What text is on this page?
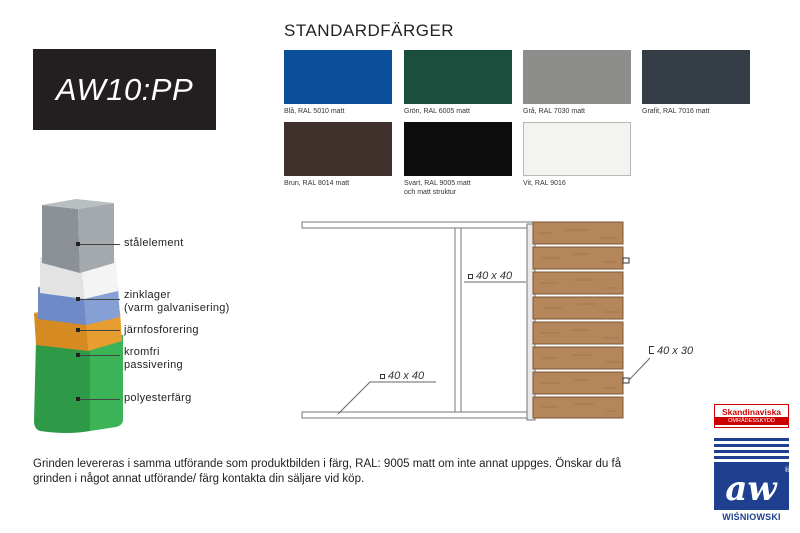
AW10:PP
STANDARDFÄRGER
Blå, RAL 5010 matt	Grön, RAL 6005 matt	Grå, RAL 7030 matt	Grafit, RAL 7016 matt
Brun, RAL 8014 matt	Svart, RAL 9005 matt
och matt struktur
Vit, RAL 9016
stålelement
zinklager
(varm galvanisering)
järnfosforering
kromfri
passivering
polyesterfärg
40 x 40
40 x 40
40 x 30
Grinden levereras i samma utförande som produktbilden i färg, RAL: 9005 matt om inte annat uppges. Önskar du få grinden i något annat utförande/ färg kontakta din säljare vid köp.
Skandinaviska
OMRÅDESSKYDD
aw ®
WIŚNIOWSKI
